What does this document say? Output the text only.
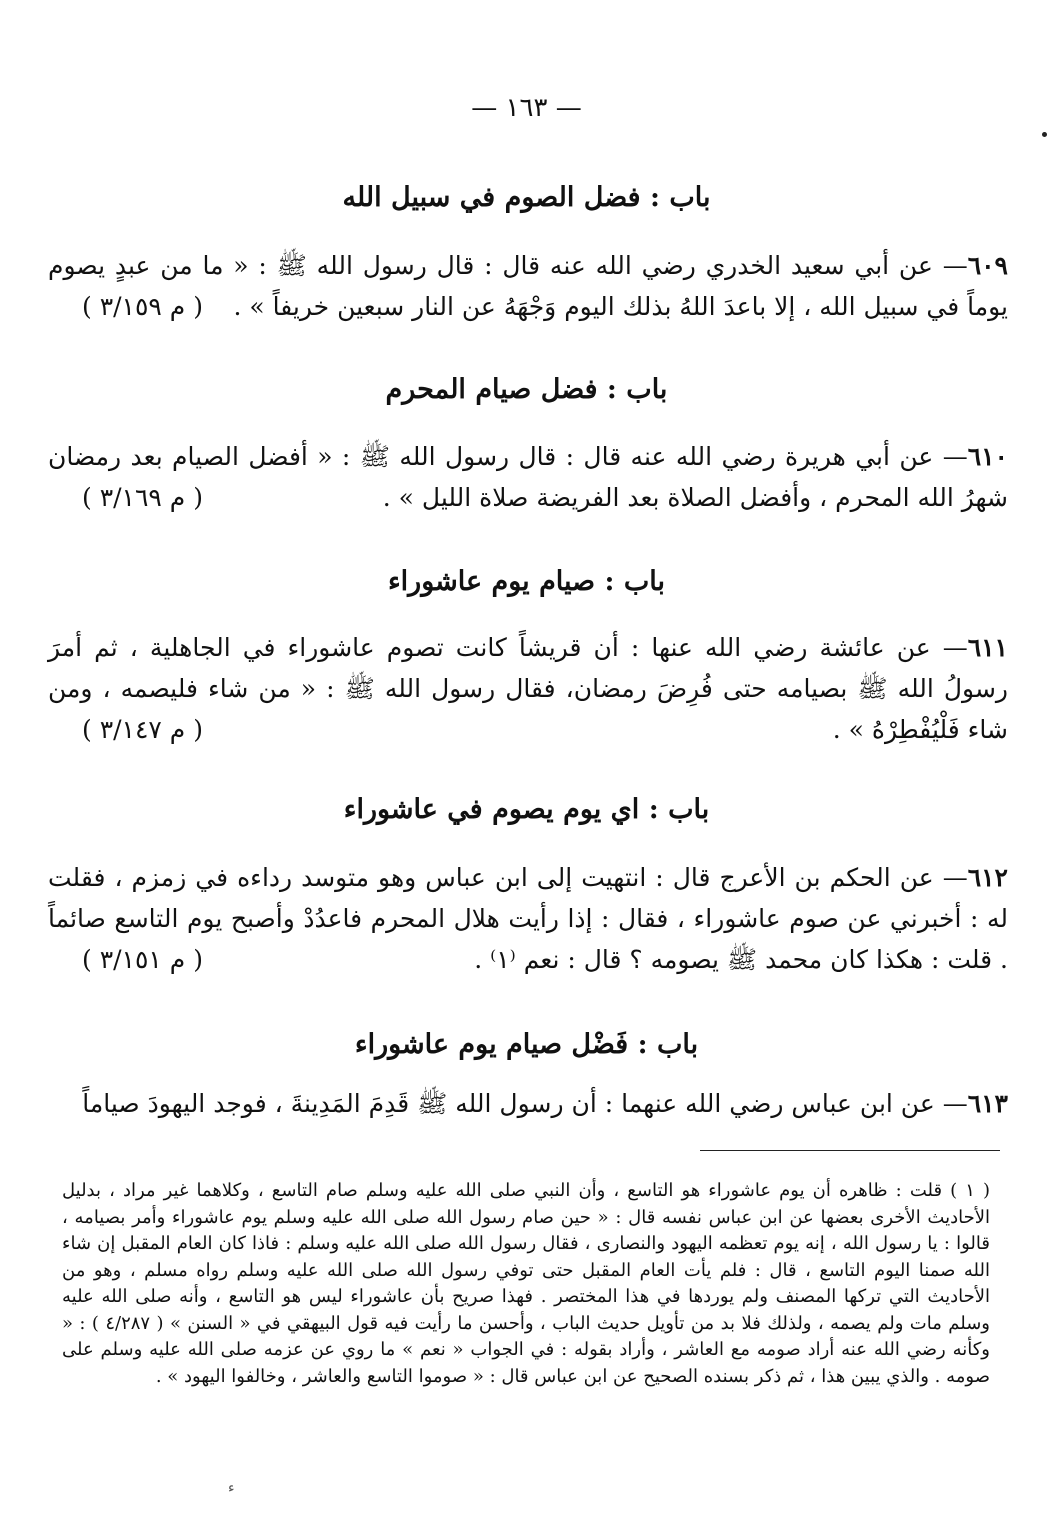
— ١٦٣ —
باب : فضل الصوم في سبيل الله

٦٠٩— عن أبي سعيد الخدري رضي الله عنه قال : قال رسول الله ﷺ : « ما من عبدٍ يصوم يوماً في سبيل الله ، إلا باعدَ اللهُ بذلك اليوم وَجْهَهُ عن النار سبعين خريفاً » .

( م ٣/١٥٩ )
باب : فضل صيام المحرم

٦١٠— عن أبي هريرة رضي الله عنه قال : قال رسول الله ﷺ : « أفضل الصيام بعد رمضان شهرُ الله المحرم ، وأفضل الصلاة بعد الفريضة صلاة الليل » .

( م ٣/١٦٩ )
باب : صيام يوم عاشوراء

٦١١— عن عائشة رضي الله عنها : أن قريشاً كانت تصوم عاشوراء في الجاهلية ، ثم أمرَ رسولُ الله ﷺ بصيامه حتى فُرِضَ رمضان، فقال رسول الله ﷺ : « من شاء فليصمه ، ومن شاء فَلْيُفْطِرْهُ » .

( م ٣/١٤٧ )
باب : اي يوم يصوم في عاشوراء

٦١٢— عن الحكم بن الأعرج قال : انتهيت إلى ابن عباس وهو متوسد رداءه في زمزم ، فقلت له : أخبرني عن صوم عاشوراء ، فقال : إذا رأيت هلال المحرم فاعدُدْ وأصبح يوم التاسع صائماً . قلت : هكذا كان محمد ﷺ يصومه ؟ قال : نعم ⁽١⁾ .

( م ٣/١٥١ )
باب : فَضْل صيام يوم عاشوراء

٦١٣— عن ابن عباس رضي الله عنهما : أن رسول الله ﷺ قَدِمَ المَدِينةَ ، فوجد اليهودَ صياماً

( ١ ) قلت : ظاهره أن يوم عاشوراء هو التاسع ، وأن النبي صلى الله عليه وسلم صام التاسع ، وكلاهما غير مراد ، بدليل الأحاديث الأخرى بعضها عن ابن عباس نفسه قال : « حين صام رسول الله صلى الله عليه وسلم يوم عاشوراء وأمر بصيامه ، قالوا : يا رسول الله ، إنه يوم تعظمه اليهود والنصارى ، فقال رسول الله صلى الله عليه وسلم : فاذا كان العام المقبل إن شاء الله صمنا اليوم التاسع ، قال : فلم يأت العام المقبل حتى توفي رسول الله صلى الله عليه وسلم رواه مسلم ، وهو من الأحاديث التي تركها المصنف ولم يوردها في هذا المختصر . فهذا صريح بأن عاشوراء ليس هو التاسع ، وأنه صلى الله عليه وسلم مات ولم يصمه ، ولذلك فلا بد من تأويل حديث الباب ، وأحسن ما رأيت فيه قول البيهقي في « السنن » ( ٤/٢٨٧ ) : « وكأنه رضي الله عنه أراد صومه مع العاشر ، وأراد بقوله : في الجواب « نعم » ما روي عن عزمه صلى الله عليه وسلم على صومه . والذي يبين هذا ، ثم ذكر بسنده الصحيح عن ابن عباس قال : « صوموا التاسع والعاشر ، وخالفوا اليهود » .

ء
